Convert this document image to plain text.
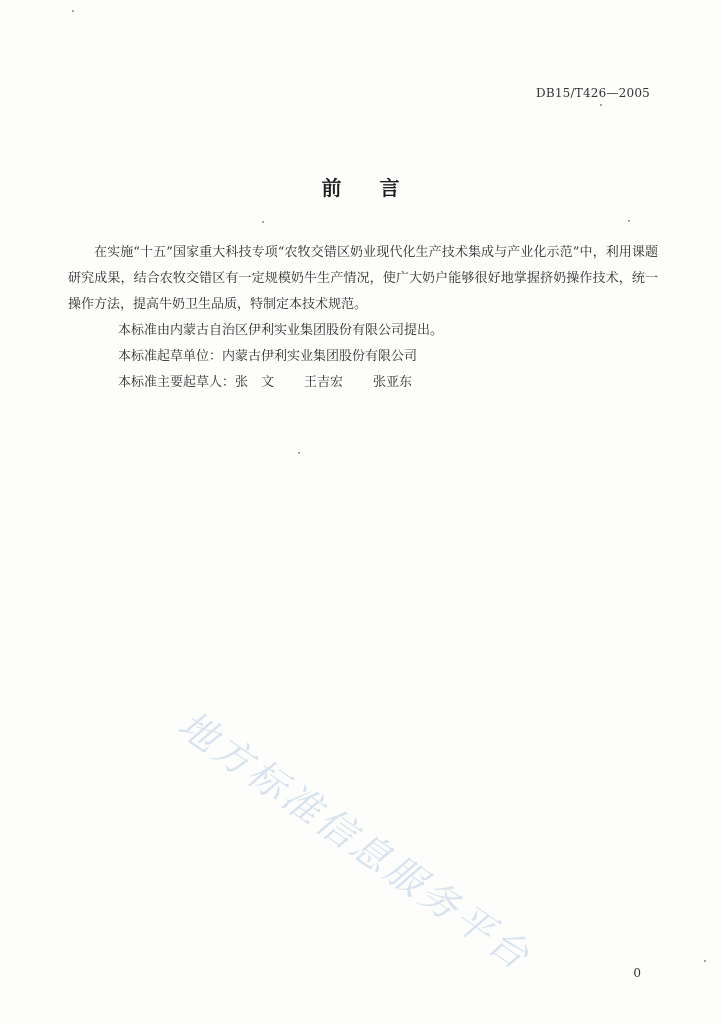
DB15/T426—2005
前言

在实施“十五”国家重大科技专项“农牧交错区奶业现代化生产技术集成与产业化示范”中，利用课题研究成果，结合农牧交错区有一定规模奶牛生产情况，使广大奶户能够很好地掌握挤奶操作技术，统一操作方法，提高牛奶卫生品质，特制定本技术规范。

本标准由内蒙古自治区伊利实业集团股份有限公司提出。

本标准起草单位：内蒙古伊利实业集团股份有限公司

本标准主要起草人：张　文 王吉宏 张亚东

地方标准信息服务平台	0
